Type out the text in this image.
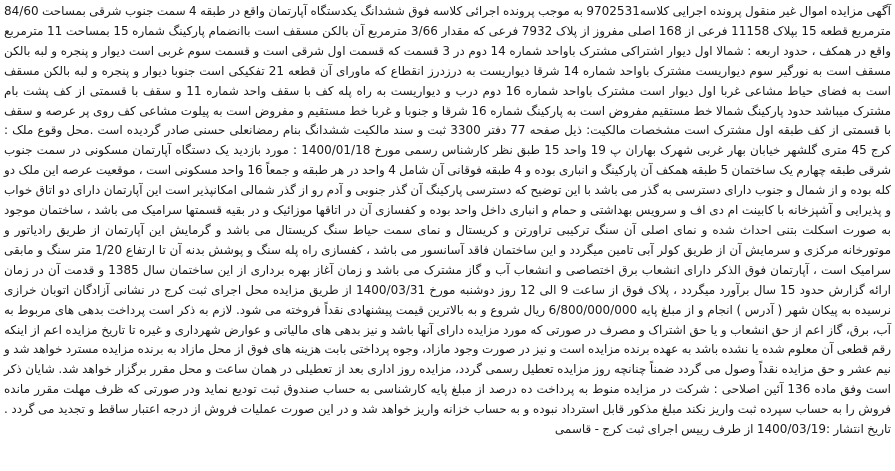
آگهی مزایده اموال غیر منقول پرونده اجرایی کلاسه9702531 به موجب پرونده اجرائی کلاسه فوق ششدانگ یکدستگاه آپارتمان واقع در طبقه 4 سمت جنوب شرقی بمساحت 84/60 مترمربع قطعه 15 بپلاک 11158 فرعی از 168 اصلی مفروز از پلاک 7932 فرعی که مقدار 3/66 مترمربع آن بالکن مسقف است باانضمام پارکینگ شماره 15 بمساحت 11 مترمربع واقع در همکف ، حدود اربعه : شمالا اول دیوار اشتراکی مشترک باواحد شماره 14 دوم در 3 قسمت که قسمت اول شرقی است و قسمت سوم غربی است دیوار و پنجره و لبه بالکن مسقف است به نورگیر سوم دیواریست مشترک باواحد شماره 14 شرقا دیواریست به درزدرز انقطاع که ماورای آن قطعه 21 تفکیکی است جنوبا دیوار و پنجره و لبه بالکن مسقف است به فضای حیاط مشاعی غربا اول دیوار است مشترک باواحد شماره 16 دوم درب و دیواریست به راه پله کف با سقف واحد شماره 11 و سقف با قسمتی از کف پشت بام مشترک میباشد حدود پارکینگ شمالا خط مستقیم مفروض است به پارکینگ شماره 16 شرقا و جنوبا و غربا خط مستقیم و مفروض است به پیلوت مشاعی کف روی پر عرصه و سقف با قسمتی از کف طبقه اول مشترک است مشخصات مالکیت: ذیل صفحه 77 دفتر 3300 ثبت و سند مالکیت ششدانگ بنام رمضانعلی حسنی صادر گردیده است .محل وقوع ملک : کرج 45 متری گلشهر خیابان بهار غربی شهرک بهاران پ 19 واحد 15 طبق نظر کارشناس رسمی مورخ 1400/01/18 : مورد بازدید یک دستگاه آپارتمان مسکونی در سمت جنوب شرقی طبقه چهارم یک ساختمان 5 طبقه همکف آن پارکینگ و انباری بوده و 4 طبقه فوقانی آن شامل 4 واحد در هر طبقه و جمعاً 16 واحد مسکونی است ، موقعیت عرصه این ملک دو کله بوده و از شمال و جنوب دارای دسترسی به گذر می باشد با این توضیح که دسترسی پارکینگ آن گذر جنوبی و آدم رو از گذر شمالی امکانپذیر است این آپارتمان دارای دو اتاق خواب و پذیرایی و آشپزخانه با کابینت ام دی اف و سرویس بهداشتی و حمام و انباری داخل واحد بوده و کفسازی آن در اتاقها موزائیک و در بقیه قسمتها سرامیک می باشد ، ساختمان موجود به صورت اسکلت بتنی احداث شده و نمای اصلی آن سنگ ترکیبی تراورتن و کریستال و نمای سمت حیاط سنگ کریستال می باشد و گرمایش این آپارتمان از طریق رادیاتور و موتورخانه مرکزی و سرمایش آن از طریق کولر آبی تامین میگردد و این ساختمان فاقد آسانسور می باشد ، کفسازی راه پله سنگ و پوشش بدنه آن تا ارتفاع 1/20 متر سنگ و مابقی سرامیک است ، آپارتمان فوق الذکر دارای انشعاب برق اختصاصی و انشعاب آب و گاز مشترک می باشد و زمان آغاز بهره برداری از این ساختمان سال 1385 و قدمت آن در زمان ارائه گزارش حدود 15 سال برآورد میگردد ، پلاک فوق از ساعت 9 الی 12 روز دوشنبه مورخ 1400/03/31 از طریق مزایده محل اجرای ثبت کرج در نشانی آزادگان اتوبان خرازی نرسیده به پیکان شهر ( آدرس ) انجام و از مبلغ پایه 6/800/000/000 ریال شروع و به بالاترین قیمت پیشنهادی نقداً فروخته می شود. لازم به ذکر است پرداخت بدهی های مربوط به آب، برق، گاز اعم از حق انشعاب و یا حق اشتراک و مصرف در صورتی که مورد مزایده دارای آنها باشد و نیز بدهی های مالیاتی و عوارض شهرداری و غیره تا تاریخ مزایده اعم از اینکه رقم قطعی آن معلوم شده یا نشده باشد به عهده برنده مزایده است و نیز در صورت وجود مازاد، وجوه پرداختی بابت هزینه های فوق از محل مازاد به برنده مزایده مسترد خواهد شد و نیم عشر و حق مزایده نقداً وصول می گردد ضمناً چنانچه روز مزایده تعطیل رسمی گردد، مزایده روز اداری بعد از تعطیلی در همان ساعت و محل مقرر برگزار خواهد شد. شایان ذکر است وفق ماده 136 آئین اصلاحی : شرکت در مزایده منوط به پرداخت ده درصد از مبلغ پایه کارشناسی به حساب صندوق ثبت تودیع نماید ودر صورتی که ظرف مهلت مقرر مانده فروش را به حساب سپرده ثبت واریز نکند مبلغ مذکور قابل استرداد نبوده و به حساب خزانه واریز خواهد شد و در این صورت عملیات فروش از درجه اعتبار ساقط و تجدید می گردد . تاریخ انتشار :1400/03/19 از طرف رییس اجرای ثبت کرج - قاسمی
